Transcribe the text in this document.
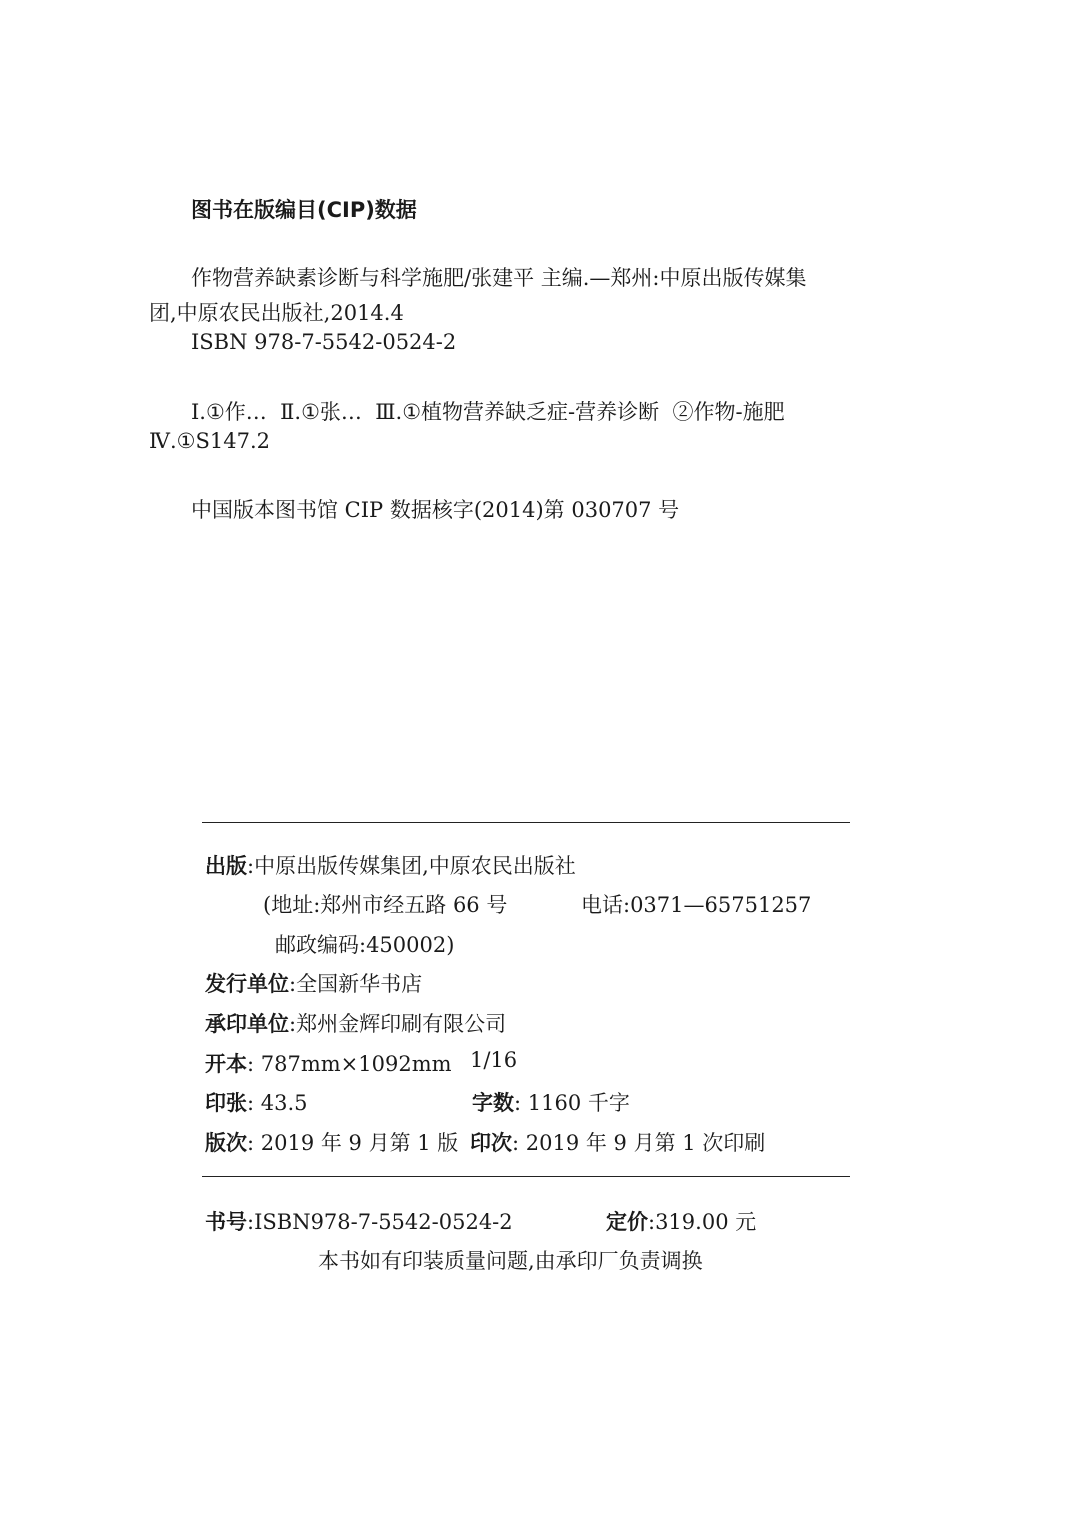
图书在版编目(CIP)数据
作物营养缺素诊断与科学施肥/张建平 主编.—郑州:中原出版传媒集
团,中原农民出版社,2014.4
ISBN 978-7-5542-0524-2
Ⅰ.①作…  Ⅱ.①张…  Ⅲ.①植物营养缺乏症-营养诊断  ②作物-施肥
Ⅳ.①S147.2
中国版本图书馆 CIP 数据核字(2014)第 030707 号
出版:中原出版传媒集团,中原农民出版社
(地址:郑州市经五路 66 号	电话:0371—65751257
邮政编码:450002)
发行单位:全国新华书店
承印单位:郑州金辉印刷有限公司
开本: 787mm×1092mm 1/16
印张: 43.5	字数: 1160 千字
版次: 2019 年 9 月第 1 版 印次: 2019 年 9 月第 1 次印刷
书号:ISBN978-7-5542-0524-2	定价:319.00 元
本书如有印装质量问题,由承印厂负责调换
